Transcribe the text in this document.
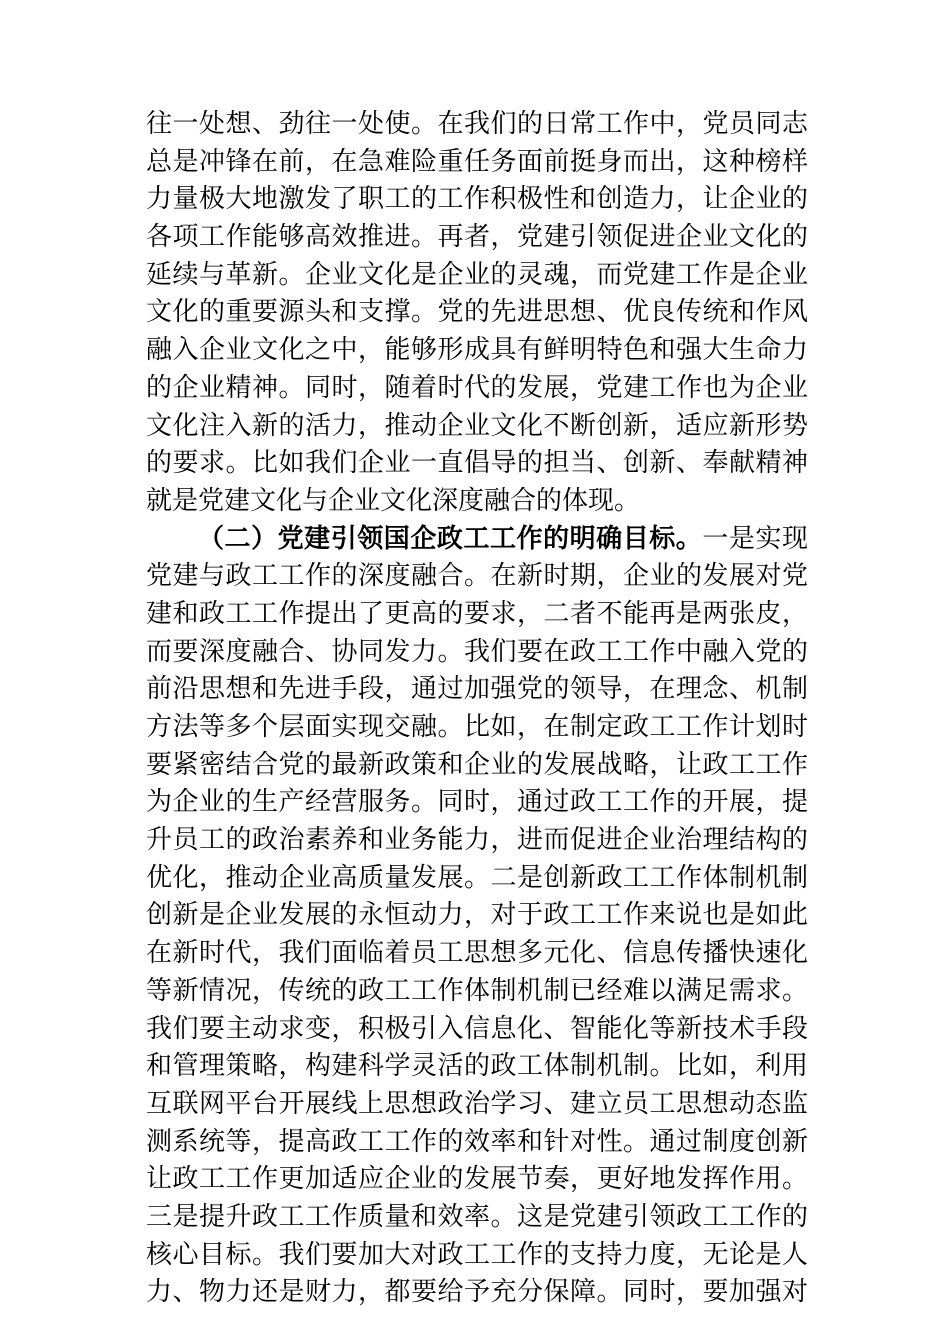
往一处想、劲往一处使。在我们的日常工作中，党员同志
总是冲锋在前，在急难险重任务面前挺身而出，这种榜样
力量极大地激发了职工的工作积极性和创造力，让企业的
各项工作能够高效推进。再者，党建引领促进企业文化的
延续与革新。企业文化是企业的灵魂，而党建工作是企业
文化的重要源头和支撑。党的先进思想、优良传统和作风
融入企业文化之中，能够形成具有鲜明特色和强大生命力
的企业精神。同时，随着时代的发展，党建工作也为企业
文化注入新的活力，推动企业文化不断创新，适应新形势
的要求。比如我们企业一直倡导的担当、创新、奉献精神
就是党建文化与企业文化深度融合的体现。
（二）党建引领国企政工工作的明确目标。一是实现
党建与政工工作的深度融合。在新时期，企业的发展对党
建和政工工作提出了更高的要求，二者不能再是两张皮，
而要深度融合、协同发力。我们要在政工工作中融入党的
前沿思想和先进手段，通过加强党的领导，在理念、机制
方法等多个层面实现交融。比如，在制定政工工作计划时
要紧密结合党的最新政策和企业的发展战略，让政工工作
为企业的生产经营服务。同时，通过政工工作的开展，提
升员工的政治素养和业务能力，进而促进企业治理结构的
优化，推动企业高质量发展。二是创新政工工作体制机制
创新是企业发展的永恒动力，对于政工工作来说也是如此
在新时代，我们面临着员工思想多元化、信息传播快速化
等新情况，传统的政工工作体制机制已经难以满足需求。
我们要主动求变，积极引入信息化、智能化等新技术手段
和管理策略，构建科学灵活的政工体制机制。比如，利用
互联网平台开展线上思想政治学习、建立员工思想动态监
测系统等，提高政工工作的效率和针对性。通过制度创新
让政工工作更加适应企业的发展节奏，更好地发挥作用。
三是提升政工工作质量和效率。这是党建引领政工工作的
核心目标。我们要加大对政工工作的支持力度，无论是人
力、物力还是财力，都要给予充分保障。同时，要加强对
